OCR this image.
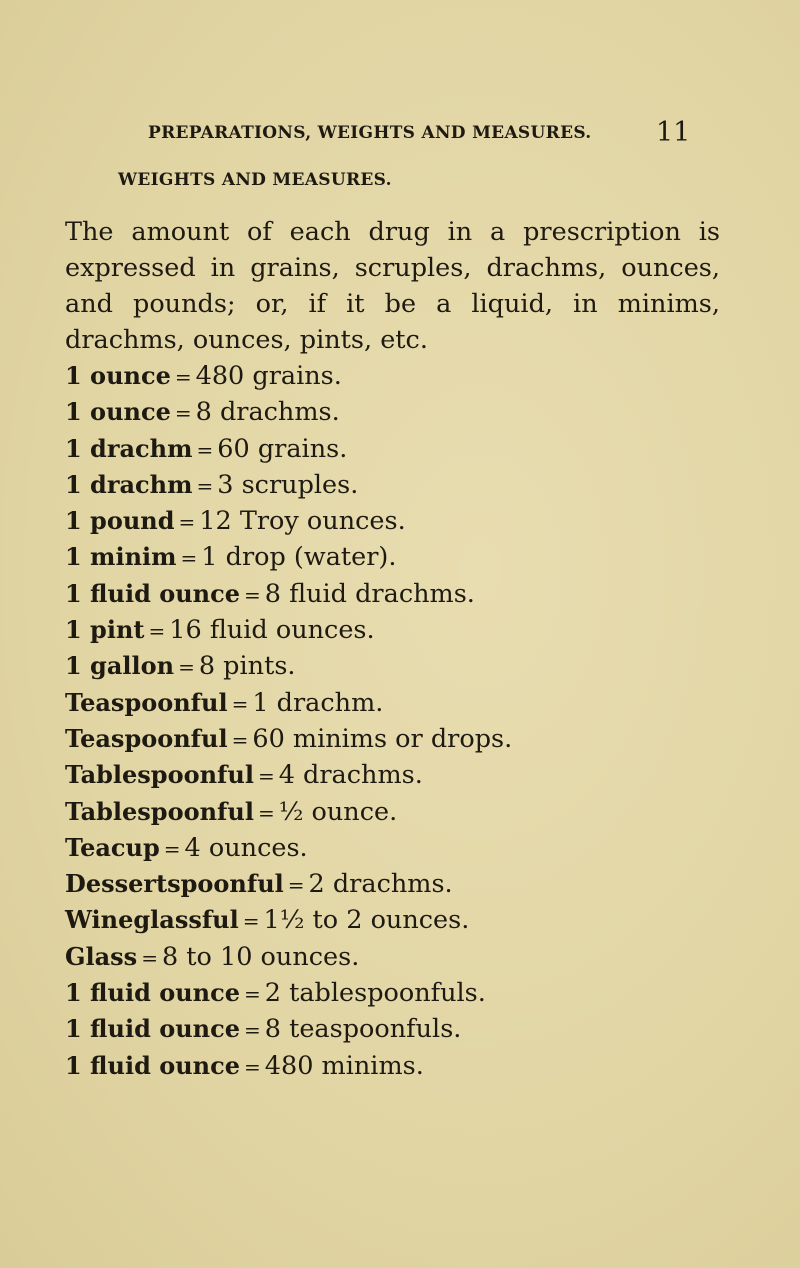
PREPARATIONS, WEIGHTS AND MEASURES. 11
WEIGHTS AND MEASURES.
The amount of each drug in a prescription is
expressed in grains, scruples, drachms, ounces,
and pounds; or, if it be a liquid, in minims,
drachms, ounces, pints, etc.
1 ounce = 480 grains.
1 ounce = 8 drachms.
1 drachm = 60 grains.
1 drachm = 3 scruples.
1 pound = 12 Troy ounces.
1 minim = 1 drop (water).
1 fluid ounce = 8 fluid drachms.
1 pint = 16 fluid ounces.
1 gallon = 8 pints.
Teaspoonful = 1 drachm.
Teaspoonful = 60 minims or drops.
Tablespoonful = 4 drachms.
Tablespoonful = ½ ounce.
Teacup = 4 ounces.
Dessertspoonful = 2 drachms.
Wineglassful = 1½ to 2 ounces.
Glass = 8 to 10 ounces.
1 fluid ounce = 2 tablespoonfuls.
1 fluid ounce = 8 teaspoonfuls.
1 fluid ounce = 480 minims.
